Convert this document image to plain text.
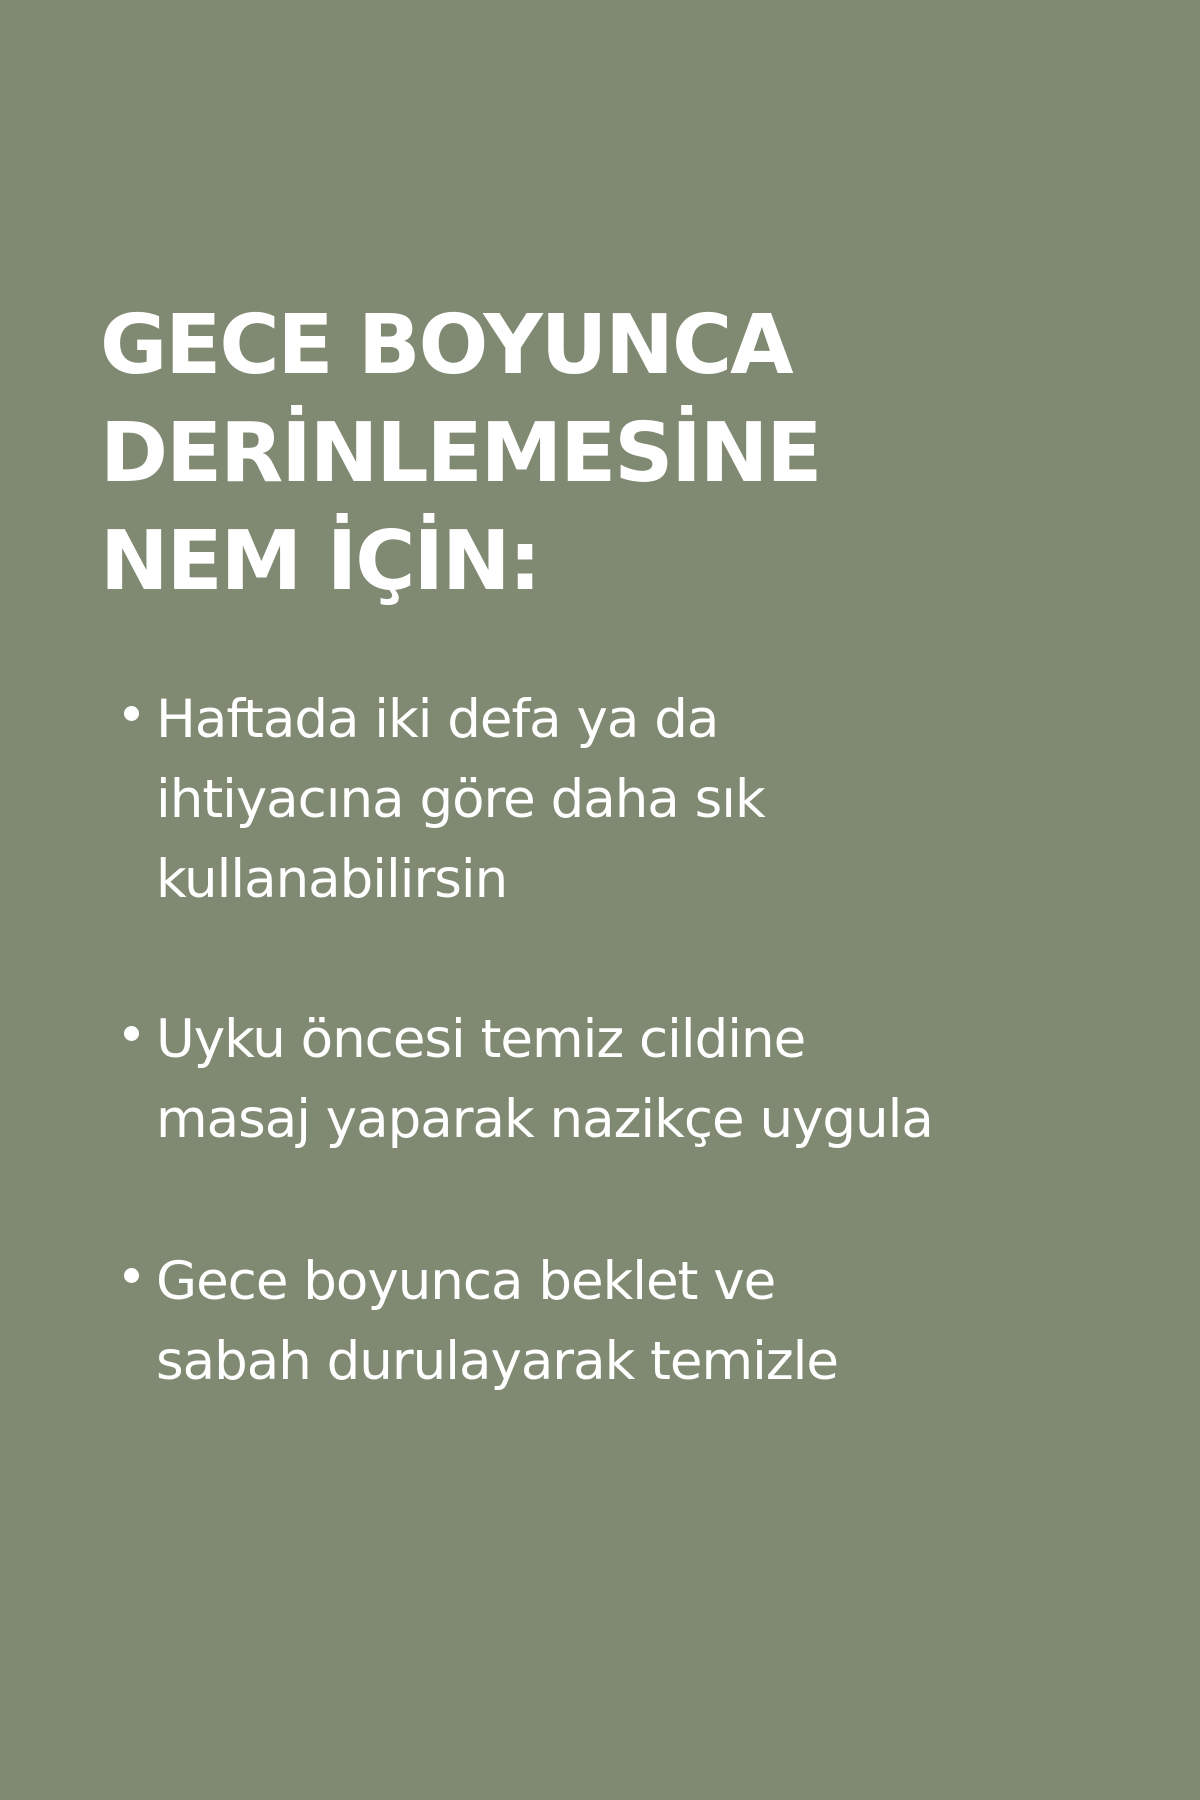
GECE BOYUNCA
DERİNLEMESİNE
NEM İÇİN:
Haftada iki defa ya da
ihtiyacına göre daha sık
kullanabilirsin
Uyku öncesi temiz cildine
masaj yaparak nazikçe uygula
Gece boyunca beklet ve
sabah durulayarak temizle
